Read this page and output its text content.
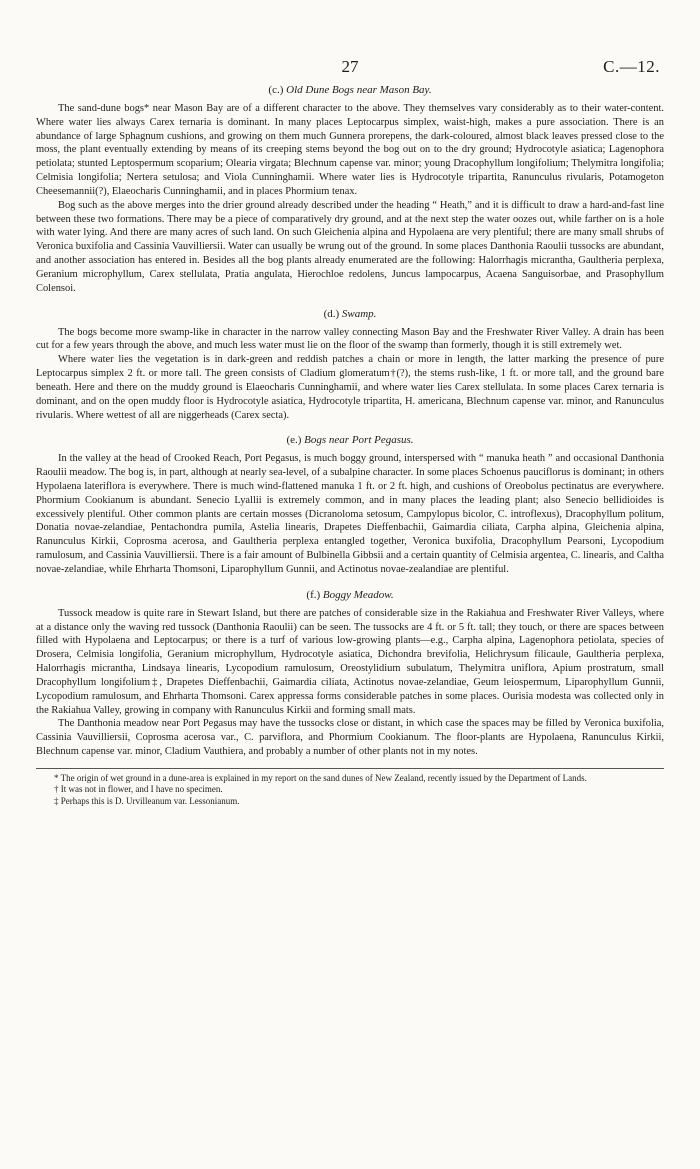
27	C.—12.
(c.) Old Dune Bogs near Mason Bay.

The sand-dune bogs* near Mason Bay are of a different character to the above. They themselves vary considerably as to their water-content. Where water lies always Carex ternaria is dominant. In many places Leptocarpus simplex, waist-high, makes a pure association. There is an abundance of large Sphagnum cushions, and growing on them much Gunnera prorepens, the dark-coloured, almost black leaves pressed close to the moss, the plant eventually extending by means of its creeping stems beyond the bog out on to the dry ground; Hydrocotyle asiatica; Lagenophora petiolata; stunted Leptospermum scoparium; Olearia virgata; Blechnum capense var. minor; young Dracophyllum longifolium; Thelymitra longifolia; Celmisia longifolia; Nertera setulosa; and Viola Cunninghamii. Where water lies is Hydrocotyle tripartita, Ranunculus rivularis, Potamogeton Cheesemannii(?), Elaeocharis Cunninghamii, and in places Phormium tenax.

Bog such as the above merges into the drier ground already described under the heading “ Heath,” and it is difficult to draw a hard-and-fast line between these two formations. There may be a piece of comparatively dry ground, and at the next step the water oozes out, while farther on is a hole with water lying. And there are many acres of such land. On such Gleichenia alpina and Hypolaena are very plentiful; there are many small shrubs of Veronica buxifolia and Cassinia Vauvilliersii. Water can usually be wrung out of the ground. In some places Danthonia Raoulii tussocks are abundant, and another association has entered in. Besides all the bog plants already enumerated are the following: Halorrhagis micrantha, Gaultheria perplexa, Geranium microphyllum, Carex stellulata, Pratia angulata, Hierochloe redolens, Juncus lampocarpus, Acaena Sanguisorbae, and Prasophyllum Colensoi.

(d.) Swamp.

The bogs become more swamp-like in character in the narrow valley connecting Mason Bay and the Freshwater River Valley. A drain has been cut for a few years through the above, and much less water must lie on the floor of the swamp than formerly, though it is still extremely wet.

Where water lies the vegetation is in dark-green and reddish patches a chain or more in length, the latter marking the presence of pure Leptocarpus simplex 2 ft. or more tall. The green consists of Cladium glomeratum†(?), the stems rush-like, 1 ft. or more tall, and the ground bare beneath. Here and there on the muddy ground is Elaeocharis Cunninghamii, and where water lies Carex stellulata. In some places Carex ternaria is dominant, and on the open muddy floor is Hydrocotyle asiatica, Hydrocotyle tripartita, H. americana, Blechnum capense var. minor, and Ranunculus rivularis. Where wettest of all are niggerheads (Carex secta).

(e.) Bogs near Port Pegasus.

In the valley at the head of Crooked Reach, Port Pegasus, is much boggy ground, interspersed with “ manuka heath ” and occasional Danthonia Raoulii meadow. The bog is, in part, although at nearly sea-level, of a subalpine character. In some places Schoenus pauciflorus is dominant; in others Hypolaena lateriflora is everywhere. There is much wind-flattened manuka 1 ft. or 2 ft. high, and cushions of Oreobolus pectinatus are everywhere. Phormium Cookianum is abundant. Senecio Lyallii is extremely common, and in many places the leading plant; also Senecio bellidioides is excessively plentiful. Other common plants are certain mosses (Dicranoloma setosum, Campylopus bicolor, C. introflexus), Dracophyllum politum, Donatia novae-zelandiae, Pentachondra pumila, Astelia linearis, Drapetes Dieffenbachii, Gaimardia ciliata, Carpha alpina, Gleichenia alpina, Ranunculus Kirkii, Coprosma acerosa, and Gaultheria perplexa entangled together, Veronica buxifolia, Dracophyllum Pearsoni, Lycopodium ramulosum, and Cassinia Vauvilliersii. There is a fair amount of Bulbinella Gibbsii and a certain quantity of Celmisia argentea, C. linearis, and Caltha novae-zelandiae, while Ehrharta Thomsoni, Liparophyllum Gunnii, and Actinotus novae-zealandiae are plentiful.

(f.) Boggy Meadow.

Tussock meadow is quite rare in Stewart Island, but there are patches of considerable size in the Rakiahua and Freshwater River Valleys, where at a distance only the waving red tussock (Danthonia Raoulii) can be seen. The tussocks are 4 ft. or 5 ft. tall; they touch, or there are spaces between filled with Hypolaena and Leptocarpus; or there is a turf of various low-growing plants—e.g., Carpha alpina, Lagenophora petiolata, species of Drosera, Celmisia longifolia, Geranium microphyllum, Hydrocotyle asiatica, Dichondra brevifolia, Helichrysum filicaule, Gaultheria perplexa, Halorrhagis micrantha, Lindsaya linearis, Lycopodium ramulosum, Oreostylidium subulatum, Thelymitra uniflora, Apium prostratum, small Dracophyllum longifolium‡, Drapetes Dieffenbachii, Gaimardia ciliata, Actinotus novae-zelandiae, Geum leiospermum, Liparophyllum Gunnii, Lycopodium ramulosum, and Ehrharta Thomsoni. Carex appressa forms considerable patches in some places. Ourisia modesta was collected only in the Rakiahua Valley, growing in company with Ranunculus Kirkii and forming small mats.

The Danthonia meadow near Port Pegasus may have the tussocks close or distant, in which case the spaces may be filled by Veronica buxifolia, Cassinia Vauvilliersii, Coprosma acerosa var., C. parviflora, and Phormium Cookianum. The floor-plants are Hypolaena, Ranunculus Kirkii, Blechnum capense var. minor, Cladium Vauthiera, and probably a number of other plants not in my notes.

* The origin of wet ground in a dune-area is explained in my report on the sand dunes of New Zealand, recently issued by the Department of Lands.

† It was not in flower, and I have no specimen.

‡ Perhaps this is D. Urvilleanum var. Lessonianum.
